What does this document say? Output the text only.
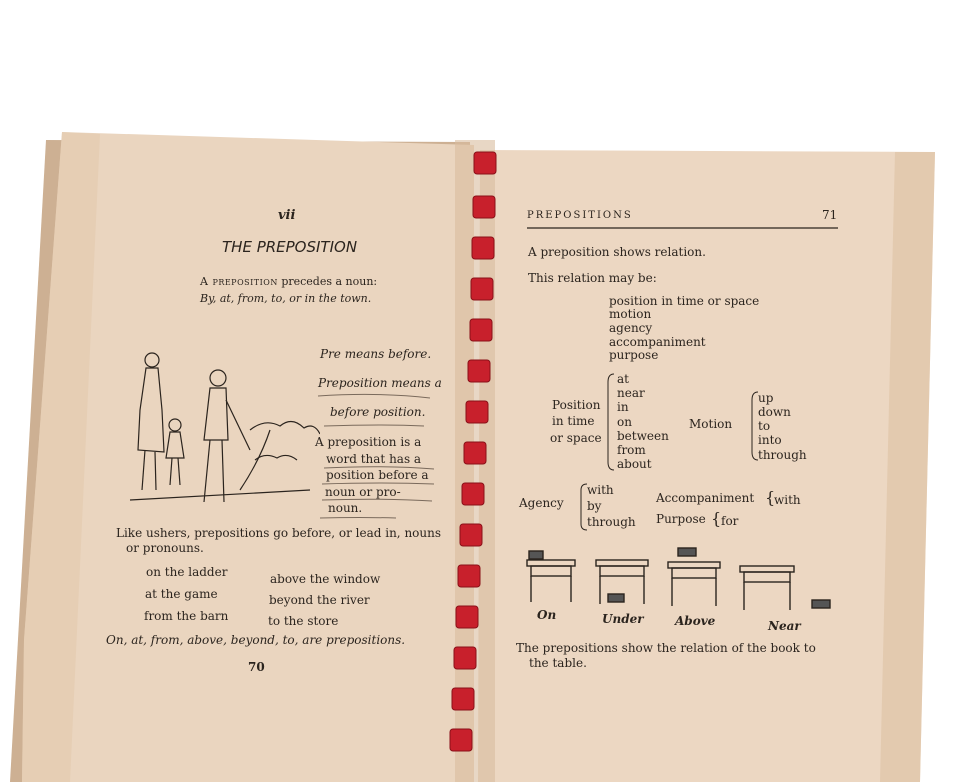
vii
THE PREPOSITION
A preposition precedes a noun:
By, at, from, to, or in the town.
Pre means before.
Preposition means a
before position.
A preposition is a
word that has a
position before a
noun or pro-
noun.
Like ushers, prepositions go before, or lead in, nouns
or pronouns.
on the ladder
at the game
from the barn
above the window
beyond the river
to the store
On, at, from, above, beyond, to, are prepositions.
70
PREPOSITIONS	71
A preposition shows relation.
This relation may be:
position in time or space
motion
agency
accompaniment
purpose
Position
in time
or space
at
near
in
on
between
from
about
Motion
up
down
to
into
through
Agency
with
by
through
Accompaniment {
with
Purpose { for
On	Under	Above	Near
The prepositions show the relation of the book to
the table.
